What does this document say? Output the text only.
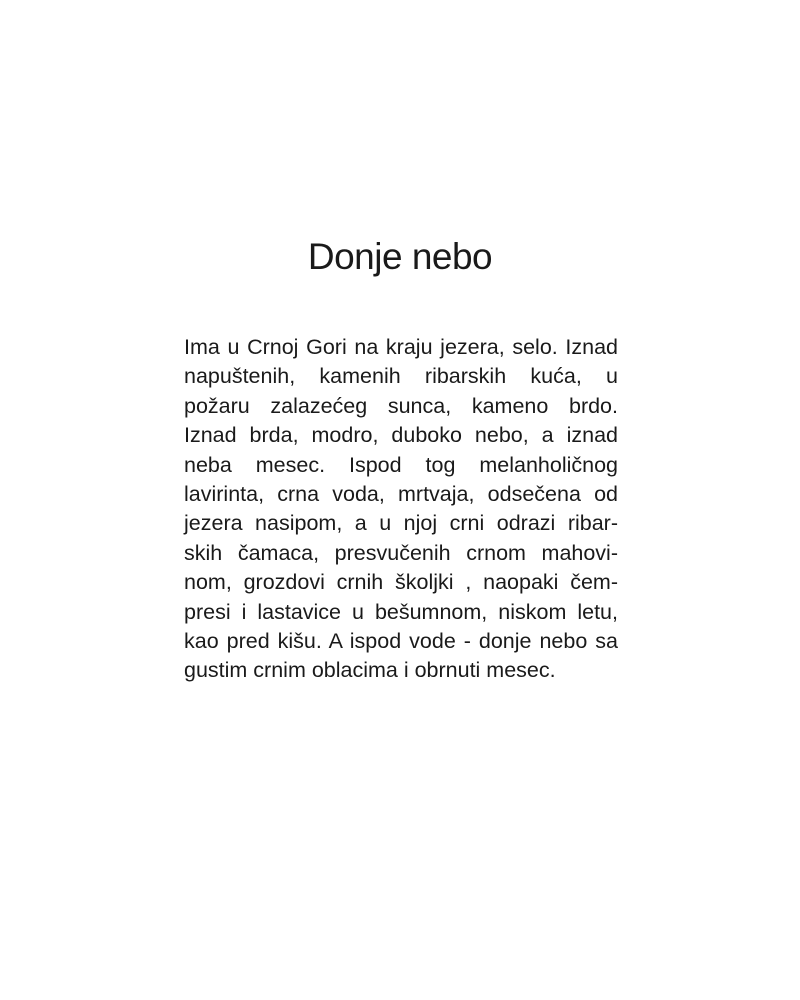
Donje nebo
Ima u Crnoj Gori na kraju jezera, selo. Iznad
napuštenih, kamenih ribarskih kuća, u
požaru zalazećeg sunca, kameno brdo.
Iznad brda, modro, duboko nebo, a iznad
neba mesec. Ispod tog melanholičnog
lavirinta, crna voda, mrtvaja, odsečena od
jezera nasipom, a u njoj crni odrazi ribar-
skih čamaca, presvučenih crnom mahovi-
nom, grozdovi crnih školjki , naopaki čem-
presi i lastavice u bešumnom, niskom letu,
kao pred kišu. A ispod vode - donje nebo sa
gustim crnim oblacima i obrnuti mesec.
